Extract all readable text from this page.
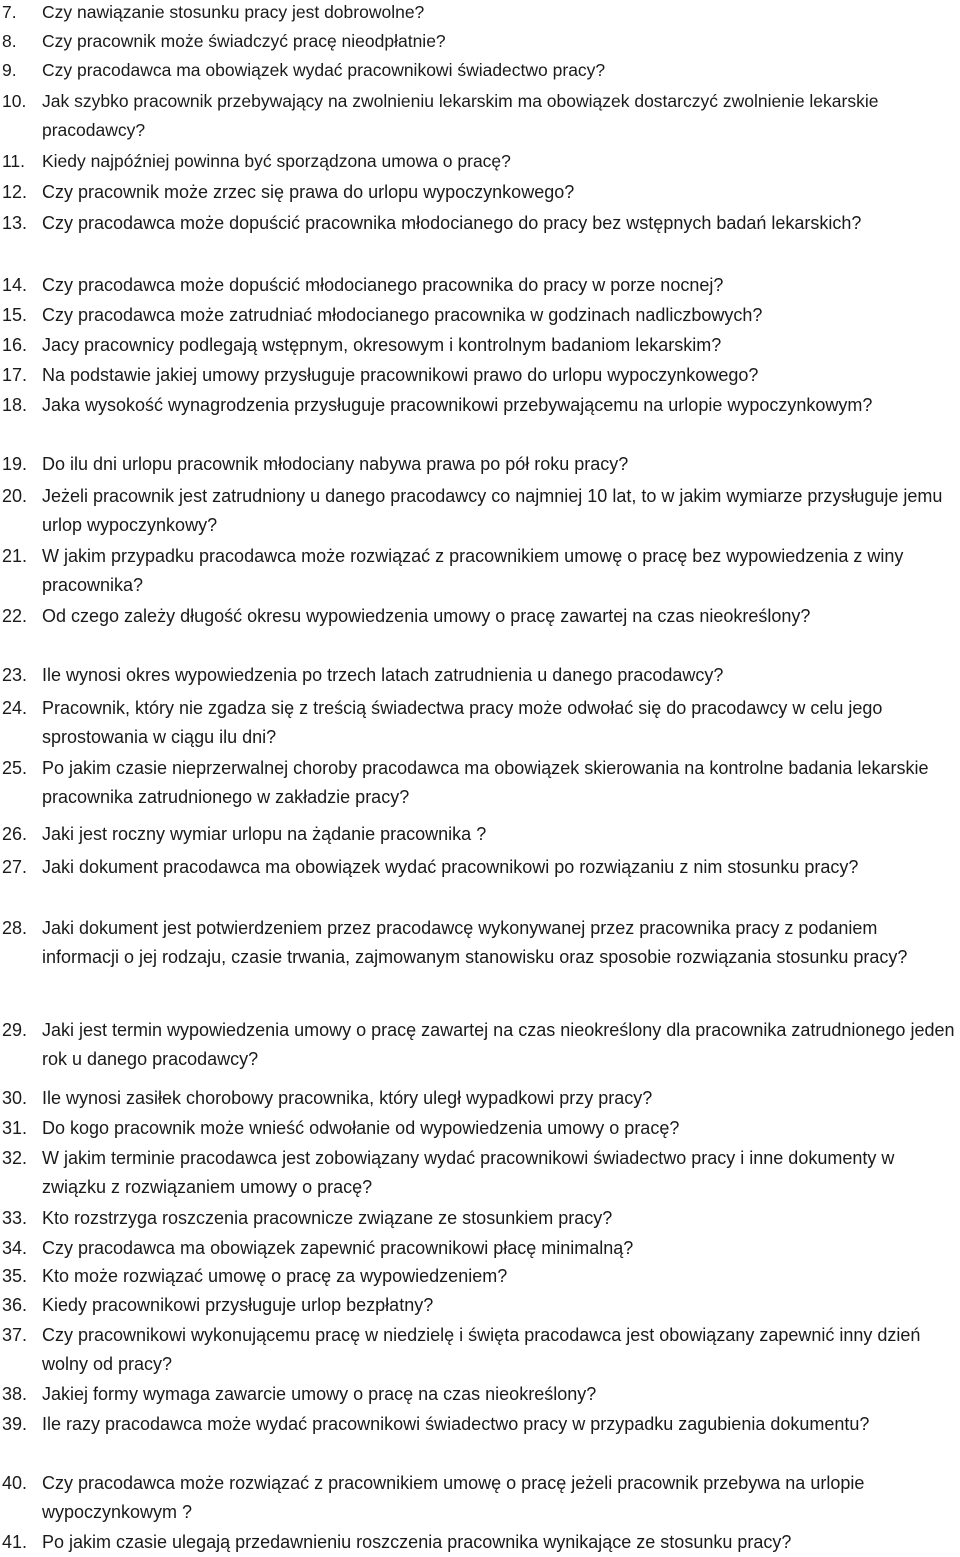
7.	Czy nawiązanie stosunku pracy jest dobrowolne?
8.	Czy pracownik może świadczyć pracę nieodpłatnie?
9.	Czy pracodawca ma obowiązek wydać pracownikowi świadectwo pracy?
10. Jak szybko pracownik przebywający na zwolnieniu lekarskim ma obowiązek dostarczyć zwolnienie lekarskie pracodawcy?
11. Kiedy najpóźniej powinna być sporządzona umowa o pracę?
12. Czy pracownik może zrzec się prawa do urlopu wypoczynkowego?
13. Czy pracodawca może dopuścić pracownika młodocianego do pracy bez wstępnych badań lekarskich?
14. Czy pracodawca może dopuścić młodocianego pracownika do pracy w porze nocnej?
15. Czy pracodawca może zatrudniać młodocianego pracownika w godzinach nadliczbowych?
16. Jacy pracownicy podlegają wstępnym, okresowym i kontrolnym badaniom lekarskim?
17. Na podstawie jakiej umowy przysługuje pracownikowi prawo do urlopu wypoczynkowego?
18. Jaka wysokość wynagrodzenia przysługuje pracownikowi przebywającemu na urlopie wypoczynkowym?
19. Do ilu dni urlopu pracownik młodociany nabywa prawa po pół roku pracy?
20. Jeżeli pracownik jest zatrudniony u danego pracodawcy co najmniej 10 lat, to w jakim wymiarze przysługuje jemu urlop wypoczynkowy?
21. W jakim przypadku pracodawca może rozwiązać z pracownikiem umowę o pracę bez wypowiedzenia z winy pracownika?
22. Od czego zależy długość okresu wypowiedzenia umowy o pracę zawartej na czas nieokreślony?
23. Ile wynosi okres wypowiedzenia po trzech latach zatrudnienia u danego pracodawcy?
24. Pracownik, który nie zgadza się z treścią świadectwa pracy może odwołać się do pracodawcy w celu jego sprostowania w ciągu ilu dni?
25. Po jakim czasie nieprzerwalnej choroby pracodawca ma obowiązek skierowania na kontrolne badania lekarskie pracownika zatrudnionego w zakładzie pracy?
26. Jaki jest roczny wymiar urlopu na żądanie pracownika ?
27. Jaki dokument pracodawca ma obowiązek wydać pracownikowi po rozwiązaniu z nim stosunku pracy?
28. Jaki dokument jest potwierdzeniem przez pracodawcę wykonywanej przez pracownika pracy z podaniem informacji o jej rodzaju, czasie trwania, zajmowanym stanowisku oraz sposobie rozwiązania stosunku pracy?
29. Jaki jest termin wypowiedzenia umowy o pracę zawartej na czas nieokreślony dla pracownika zatrudnionego jeden rok u danego pracodawcy?
30. Ile wynosi zasiłek chorobowy pracownika, który uległ wypadkowi przy pracy?
31. Do kogo pracownik może wnieść odwołanie od wypowiedzenia umowy o pracę?
32. W jakim terminie pracodawca jest zobowiązany wydać pracownikowi świadectwo pracy i inne dokumenty w związku z rozwiązaniem umowy o pracę?
33. Kto rozstrzyga roszczenia pracownicze związane ze stosunkiem pracy?
34. Czy pracodawca ma obowiązek zapewnić pracownikowi płacę minimalną?
35. Kto może rozwiązać umowę o pracę za wypowiedzeniem?
36. Kiedy pracownikowi przysługuje urlop bezpłatny?
37. Czy pracownikowi wykonującemu pracę w niedzielę i święta pracodawca jest obowiązany zapewnić inny dzień wolny od pracy?
38. Jakiej formy wymaga zawarcie umowy o pracę na czas nieokreślony?
39. Ile razy pracodawca może wydać pracownikowi świadectwo pracy w przypadku zagubienia dokumentu?
40. Czy pracodawca może rozwiązać z pracownikiem umowę o pracę jeżeli pracownik przebywa na urlopie wypoczynkowym ?
41. Po jakim czasie ulegają przedawnieniu roszczenia pracownika wynikające ze stosunku pracy?
